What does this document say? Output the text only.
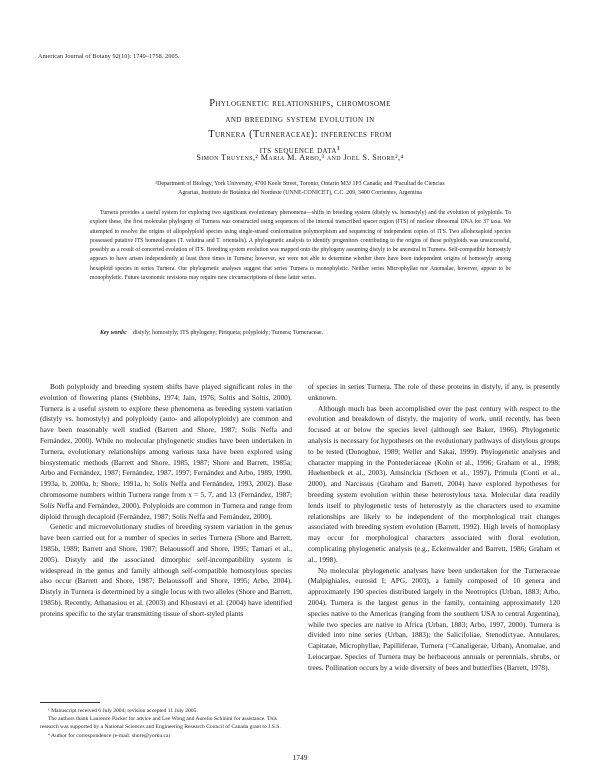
American Journal of Botany 92(10): 1749–1758. 2005.
Phylogenetic relationships, chromosome
and breeding system evolution in
Turnera (Turneraceae): inferences from
its sequence data¹
Simon Truyens,² Maria M. Arbo,³ and Joel S. Shore²,⁴
²Department of Biology, York University, 4700 Keele Street, Toronto, Ontario M3J 1P3 Canada; and ³Facultad de Ciencias
Agrarias, Instituto de Botánica del Nordeste (UNNE-CONICET), C.C. 209, 3400 Corrientes, Argentina
Turnera provides a useful system for exploring two significant evolutionary phenomena—shifts in breeding system (distyly vs. homostyly) and the evolution of polyploids. To explore these, the first molecular phylogeny of Turnera was constructed using sequences of the internal transcribed spacer region (ITS) of nuclear ribosomal DNA for 37 taxa. We attempted to resolve the origins of allopolyploid species using single-strand conformation polymorphism and sequencing of independent copies of ITS. Two allohexaploid species possessed putative ITS homeologues (T. velutina and T. orientalis). A phylogenetic analysis to identify progenitors contributing to the origins of these polyploids was unsuccessful, possibly as a result of concerted evolution of ITS. Breeding system evolution was mapped onto the phylogeny assuming distyly to be ancestral in Turnera. Self-compatible homostyly appears to have arisen independently at least three times in Turnera; however, we were not able to determine whether there have been independent origins of homostyly among hexaploid species in series Turnera. Our phylogenetic analyses suggest that series Turnera is monophyletic. Neither series Microphyllae nor Anomalae, however, appear to be monophyletic. Future taxonomic revisions may require new circumscriptions of these latter series.
Key words: distyly; homostyly; ITS phylogeny; Piriqueta; polyploidy; Turnera; Turneraceae.

Both polyploidy and breeding system shifts have played significant roles in the evolution of flowering plants (Stebbins, 1974; Jain, 1976; Soltis and Soltis, 2000). Turnera is a useful system to explore these phenomena as breeding system variation (distyly vs. homostyly) and polyploidy (auto- and allopolyploidy) are common and have been reasonably well studied (Barrett and Shore, 1987; Solís Neffa and Fernández, 2000). While no molecular phylogenetic studies have been undertaken in Turnera, evolutionary relationships among various taxa have been explored using biosystematic methods (Barrett and Shore, 1985, 1987; Shore and Barrett, 1985a; Arbo and Fernández, 1987; Fernández, 1987, 1997; Fernández and Arbo, 1989, 1990, 1993a, b, 2000a, b; Shore, 1991a, b; Solís Neffa and Fernández, 1993, 2002). Base chromosome numbers within Turnera range from x = 5, 7, and 13 (Fernández, 1987; Solís Neffa and Fernández, 2000). Polyploids are common in Turnera and range from diploid through decaploid (Fernández, 1987; Solís Neffa and Fernández, 2000).

Genetic and microevolutionary studies of breeding system variation in the genus have been carried out for a number of species in series Turnera (Shore and Barrett, 1985b, 1989; Barrett and Shore, 1987; Belaoussoff and Shore, 1995; Tamari et al., 2005). Distyly and the associated dimorphic self-incompatibility system is widespread in the genus and family although self-compatible homostylous species also occur (Barrett and Shore, 1987; Belaoussoff and Shore, 1995; Arbo, 2004). Distyly in Turnera is determined by a single locus with two alleles (Shore and Barrett, 1985b). Recently, Athanasiou et al. (2003) and Khosravi et al. (2004) have identified proteins specific to the stylar transmitting tissue of short-styled plants

of species in series Turnera. The role of these proteins in distyly, if any, is presently unknown.

Although much has been accomplished over the past century with respect to the evolution and breakdown of distyly, the majority of work, until recently, has been focused at or below the species level (although see Baker, 1966). Phylogenetic analysis is necessary for hypotheses on the evolutionary pathways of distylous groups to be tested (Donoghue, 1989; Weller and Sakai, 1999). Phylogenetic analyses and character mapping in the Pontederiaceae (Kohn et al., 1996; Graham et al., 1998; Huehenbeck et al., 2003), Amsinckia (Schoen et al., 1997), Primula (Conti et al., 2000), and Narcissus (Graham and Barrett, 2004) have explored hypotheses for breeding system evolution within these heterostylous taxa. Molecular data readily lends itself to phylogenetic tests of heterostyly as the characters used to examine relationships are likely to be independent of the morphological trait changes associated with breeding system evolution (Barrett, 1992). High levels of homoplasy may occur for morphological characters associated with floral evolution, complicating phylogenetic analysis (e.g., Eckenwalder and Barrett, 1986; Graham et al., 1998).

No molecular phylogenetic analyses have been undertaken for the Turneraceae (Malpighiales, eurosid I; APG, 2003), a family composed of 10 genera and approximately 190 species distributed largely in the Neotropics (Urban, 1883; Arbo, 2004). Turnera is the largest genus in the family, containing approximately 120 species native to the Americas (ranging from the southern USA to central Argentina), while two species are native to Africa (Urban, 1883; Arbo, 1997, 2000). Turnera is divided into nine series (Urban, 1883); the Salicifoliae, Stenodictyae, Annulares, Capitatae, Microphyllae, Papilliferae, Turnera (=Canaligerae, Urban), Anomalae, and Leiocarpae. Species of Turnera may be herbaceous annuals or perennials, shrubs, or trees. Pollination occurs by a wide diversity of bees and butterflies (Barrett, 1978).

¹ Manuscript received 6 July 2004; revision accepted 11 July 2005.

The authors thank Laurence Packer for advice and Lee Wong and Aurelio Schinini for assistance. This research was supported by a National Sciences and Engineering Research Council of Canada grant to J.S.S.

⁴ Author for correspondence (e-mail: shore@yorku.ca)

1749
